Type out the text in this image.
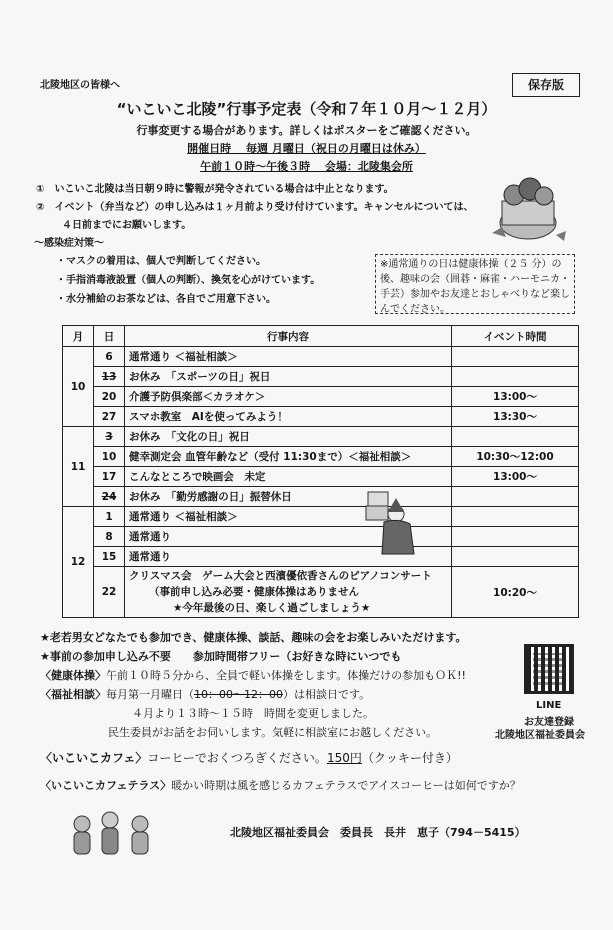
北陵地区の皆様へ	保存版
“いこいこ北陵”行事予定表（令和７年１０月～１２月）
行事変更する場合があります。詳しくはポスターをご確認ください。
開催日時　 毎週 月曜日（祝日の月曜日は休み）
午前１０時～午後３時　 会場：北陵集会所
①　いこいこ北陵は当日朝９時に警報が発令されている場合は中止となります。
②　イベント（弁当など）の申し込みは１ヶ月前より受け付けています。キャンセルについては、
４日前までにお願いします。
～感染症対策～
・マスクの着用は、個人で判断してください。
・手指消毒液設置（個人の判断）、換気を心がけています。
・水分補給のお茶などは、各自でご用意下さい。
※通常通りの日は健康体操（２５ 分）の後、趣味の会（囲碁・麻雀・ハーモニカ・手芸）参加やお友達とおしゃべりなど楽しんでください。
月	日	行事内容	イベント時間
10	6	通常通り ＜福祉相談＞	
	13	お休み　「スポーツの日」祝日	
	20	介護予防倶楽部＜カラオケ＞	13:00～
	27	スマホ教室　AIを使ってみよう！	13:30～
11	3	お休み　「文化の日」祝日	
	10	健幸測定会 血管年齢など（受付 11:30まで）＜福祉相談＞	10:30～12:00
	17	こんなところで映画会　未定	13:00～
	24	お休み　「勤労感謝の日」振替休日	
12	1	通常通り ＜福祉相談＞	
	8	通常通り	
	15	通常通り	
	22	クリスマス会　ゲーム大会と西濱優依香さんのピアノコンサート
（事前申し込み必要・健康体操はありません
★今年最後の日、楽しく過ごしましょう★	10:20～
★老若男女どなたでも参加でき、健康体操、談話、趣味の会をお楽しみいただけます。
★事前の参加申し込み不要　　参加時間帯フリー（お好きな時にいつでも
〈健康体操〉午前１０時５分から、全員で軽い体操をします。体操だけの参加もＯＫ!!
〈福祉相談〉毎月第一月曜日（10：00～12：00）は相談日です。
４月より１３時～１５時　時間を変更しました。
民生委員がお話をお伺いします。気軽に相談室にお越しください。
LINE
お友達登録
北陵地区福祉委員会
〈いこいこカフェ〉コーヒーでおくつろぎください。150円（クッキー付き）
〈いこいこカフェテラス〉暖かい時期は風を感じるカフェテラスでアイスコーヒーは如何ですか？
北陵地区福祉委員会　委員長　長井　恵子（794－5415）
